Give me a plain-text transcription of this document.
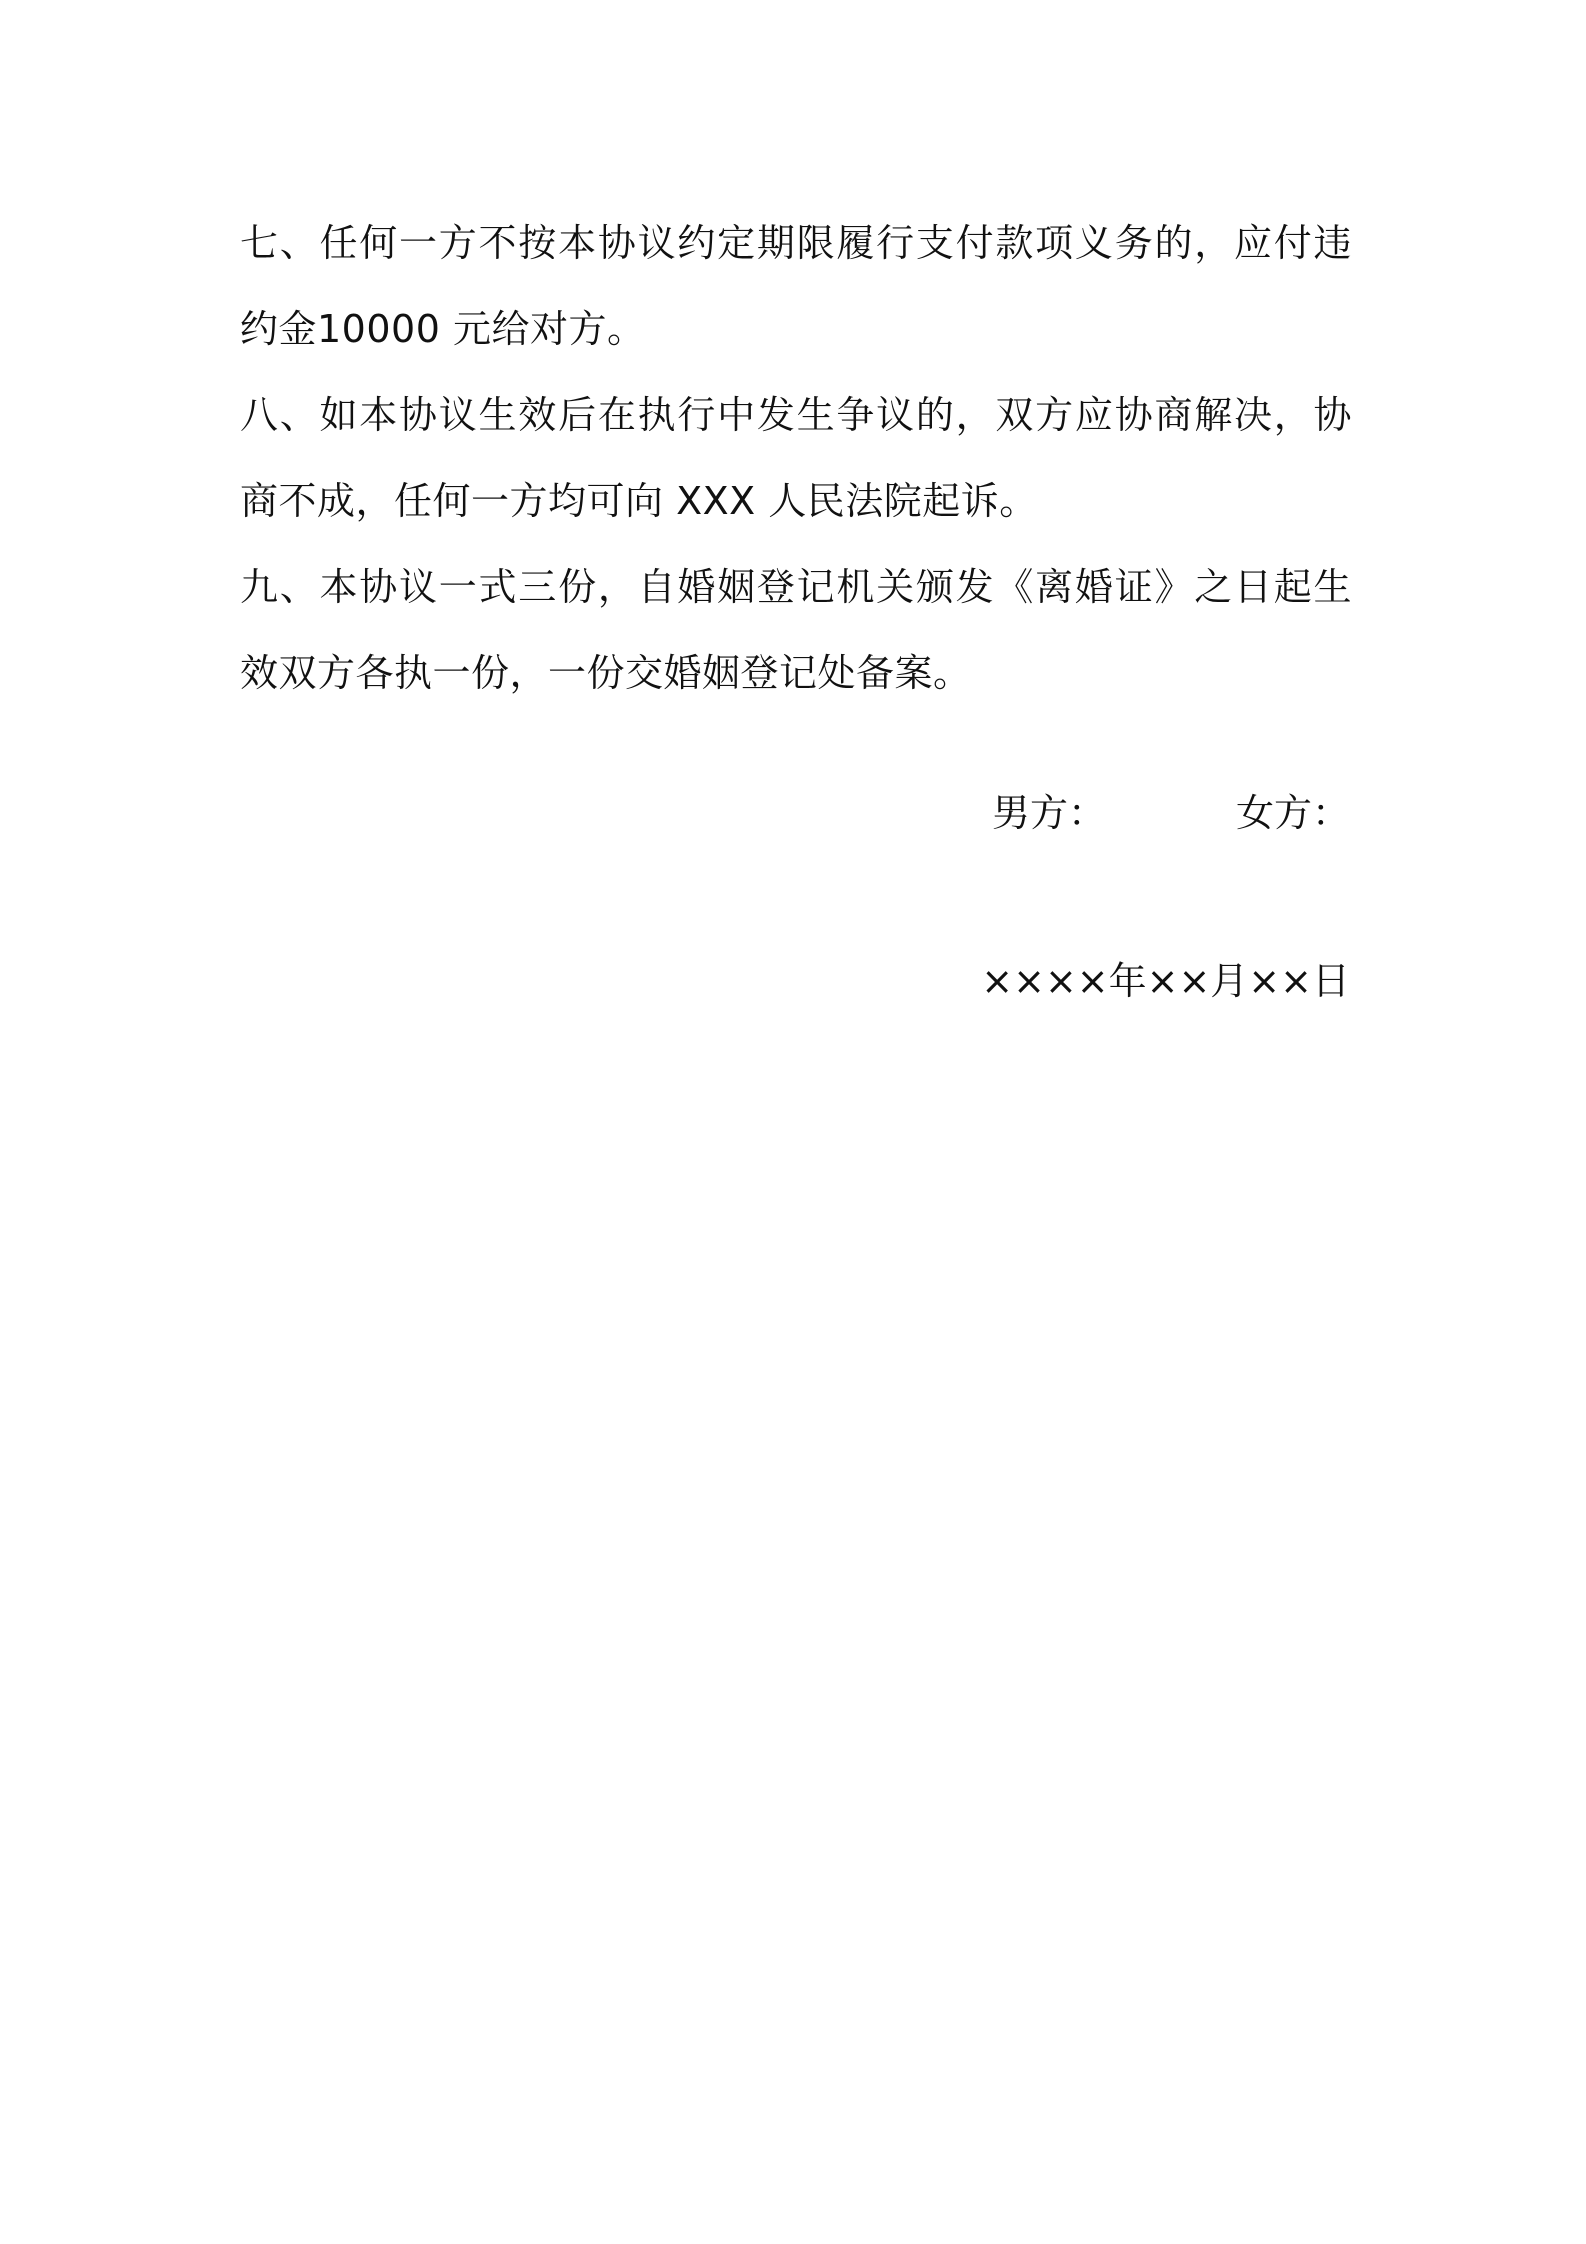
七、任何一方不按本协议约定期限履行支付款项义务的，应付违约金10000 元给对方。

八、如本协议生效后在执行中发生争议的，双方应协商解决，协商不成，任何一方均可向 XXX 人民法院起诉。

九、本协议一式三份，自婚姻登记机关颁发《离婚证》之日起生效双方各执一份，一份交婚姻登记处备案。

男方：	女方：
××××年××月××日
